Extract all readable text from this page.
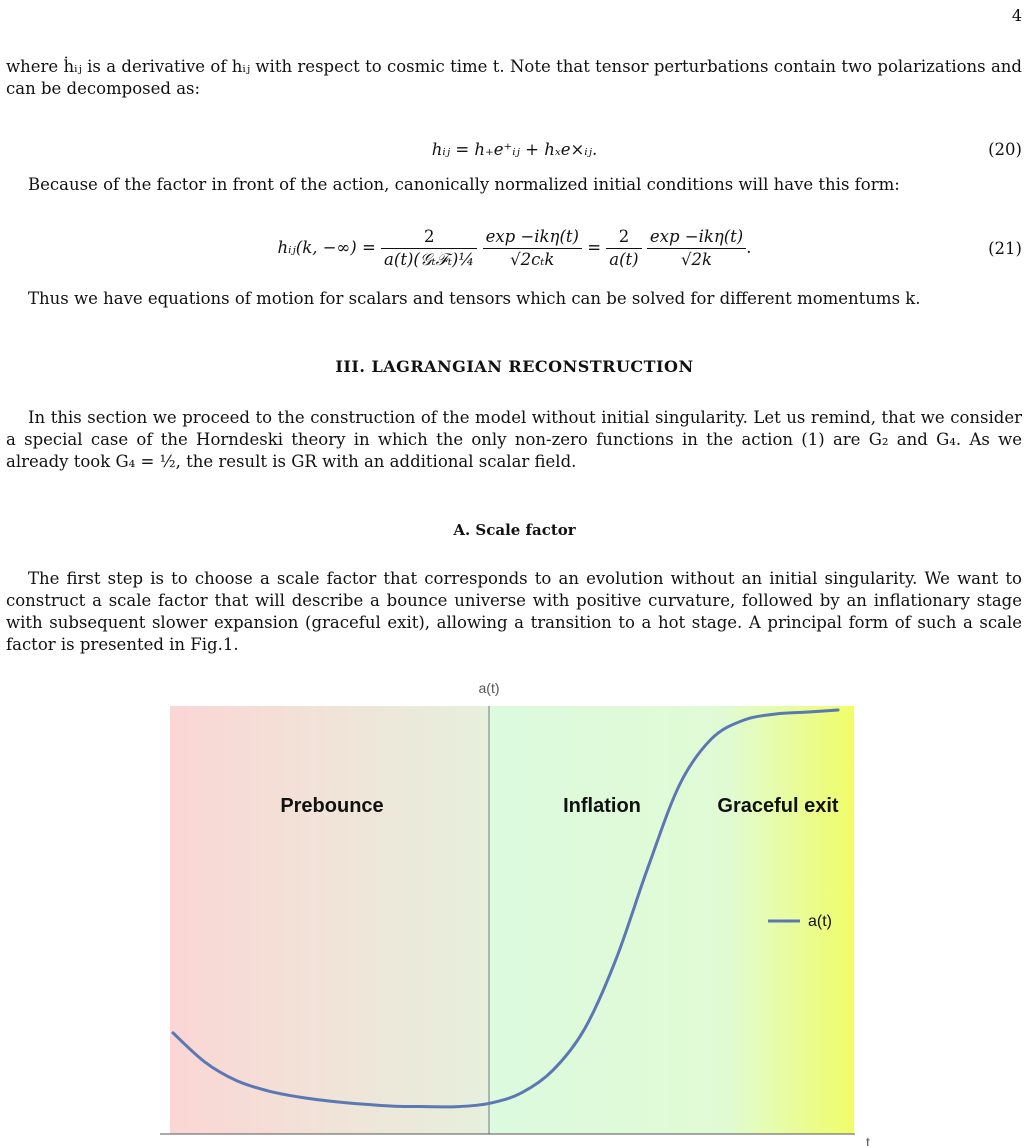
4
where ḣᵢⱼ is a derivative of hᵢⱼ with respect to cosmic time t. Note that tensor perturbations contain two polarizations and can be decomposed as:
hᵢⱼ = h₊e⁺ᵢⱼ + hₓe×ᵢⱼ.	(20)
Because of the factor in front of the action, canonically normalized initial conditions will have this form:
hᵢⱼ(k, −∞) = $\frac{2}{\text{a(t)(𝒢ₜℱₜ)¼}}$
$\frac{\text{exp −ikη(t)}}{\text{√2cₜk}} = \frac{2}{a(t)}$
$\frac{\text{exp −ikη(t)}}{√2k}$ .	(21)
Thus we have equations of motion for scalars and tensors which can be solved for different momentums k.
III. LAGRANGIAN RECONSTRUCTION
In this section we proceed to the construction of the model without initial singularity. Let us remind, that we consider a special case of the Horndeski theory in which the only non-zero functions in the action (1) are G₂ and G₄. As we already took G₄ = ½, the result is GR with an additional scalar field.
A. Scale factor
The first step is to choose a scale factor that corresponds to an evolution without an initial singularity. We want to construct a scale factor that will describe a bounce universe with positive curvature, followed by an inflationary stage with subsequent slower expansion (graceful exit), allowing a transition to a hot stage. A principal form of such a scale factor is presented in Fig.1.
a(t)
t
Prebounce	Inflation	Graceful exit
a(t)
